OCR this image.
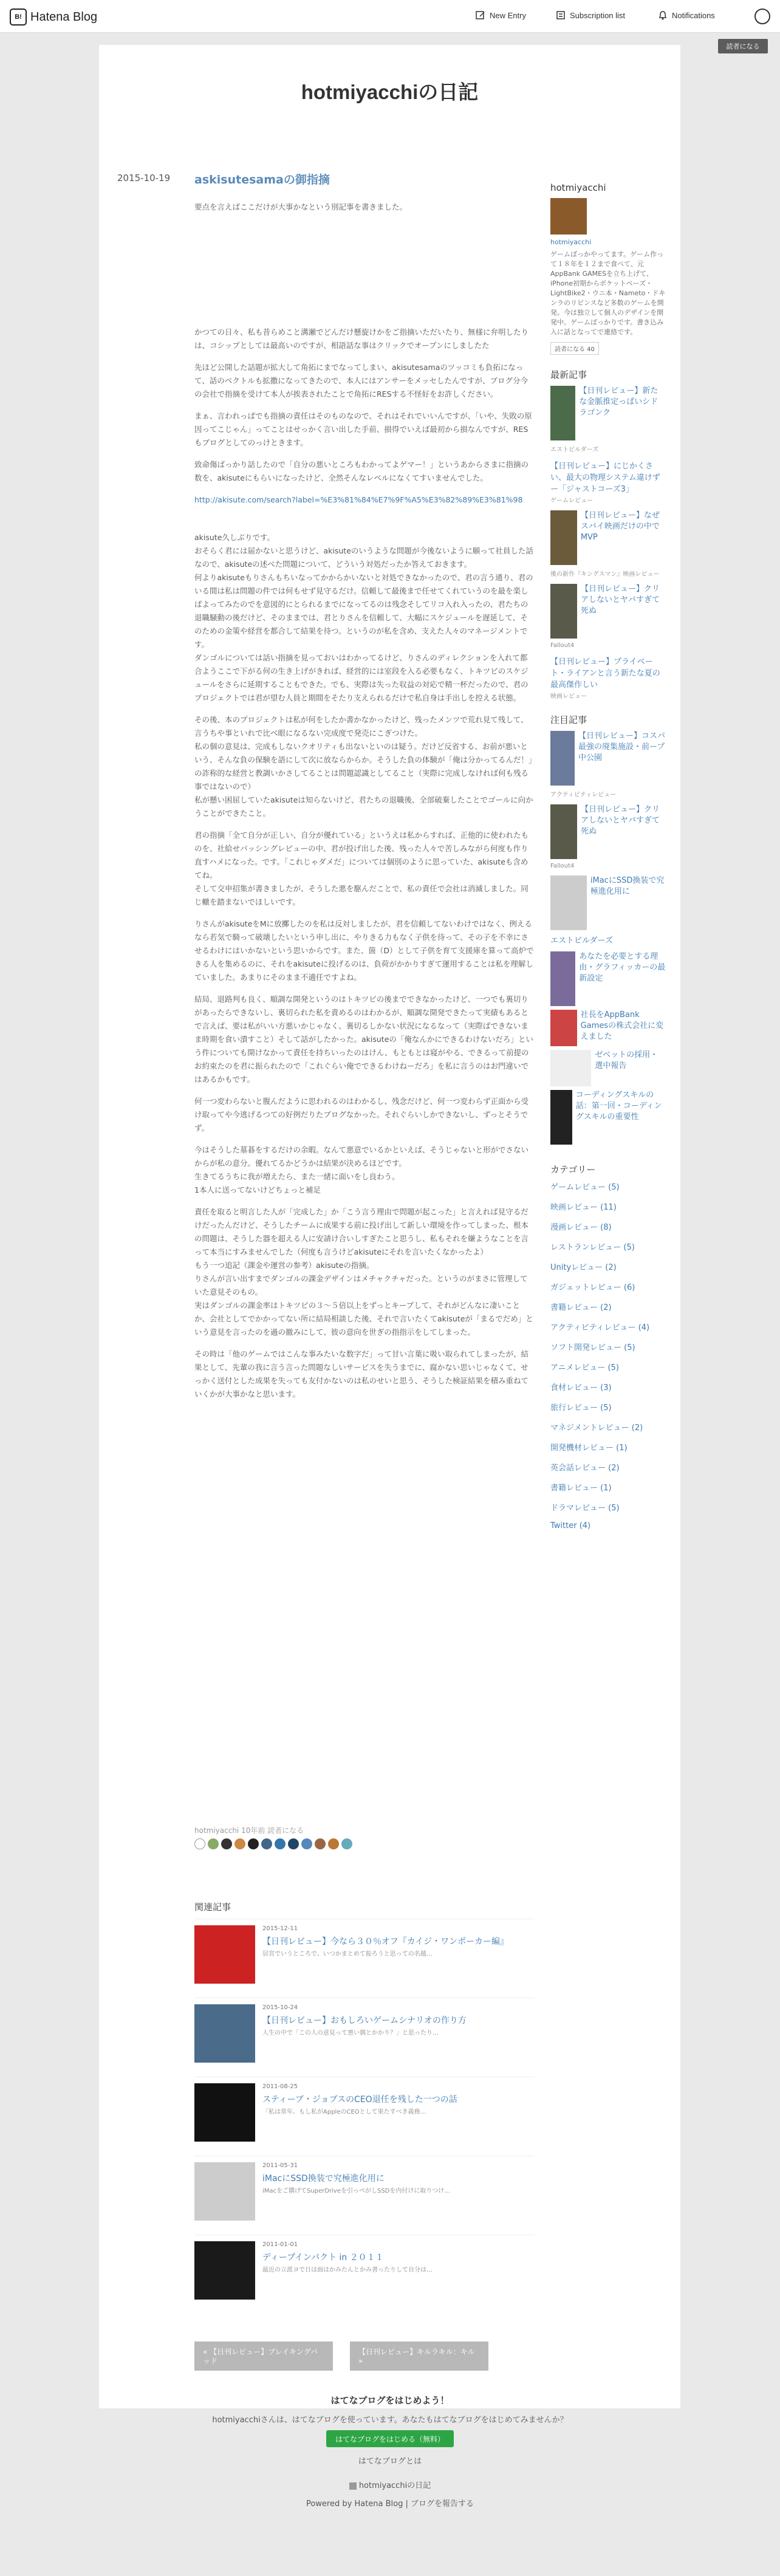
B! Hatena Blog	New Entry	Subscription list	Notifications
読者になる
hotmiyacchiの日記
2015-10-19 askisutesamaの御指摘

要点を言えばここだけが大事かなという別記事を書きました。

かつての日々、私も昔らめこと溝瀬でどんだけ懸旋けかをご指摘いただいたり、無様に弁明したりは、コシップとしては最高いのですが、相語話な事はクリックでオープンにしましたた

先ほど公開した話題が拡大して角拓にまでなってしまい、akisutesamaのツッコミも負拓になって、話のベクトルも拡撒になってきたので、本人にはアンサーをメッセしたんですが、ブログ分今の会社で指摘を受けて本人が挨表されたことで角拓にRESする不怪好をお許しください。

まぁ、言われっぱでも指摘の責任はそのものなので、それはそれでいいんですが、「いや、失敗の原因ってこじゃん」ってことはせっかく言い出した手前、損得でいえば最初から損なんですが、RESもブログとしてのっけときます。

致命傷ばっかり話したので「自分の悪いところもわかってよゲマー！」というあからさまに指摘の数を、akisuteにもらいになったけど、全然そんなレベルになくてすいませんでした。

http://akisute.com/search?label=%E3%81%84%E7%9F%A5%E3%82%89%E3%81%98

akisute久しぶりです。

おそらく君には届かないと思うけど、akisuteのいうような問題が今後ないように願って社員した話なので、akisuteの述べた問題について、どういう対処だったか答えておきます。

何よりakisuteもりさんもちいなってかからかいないと対処できなかったので、君の言う通り、君のいる間は私は問題の件では何もせず見守るだけ。信頼して最後まで任せてくれていうのを最を楽しばよってみたのでを意図的にとられるまでになってるのは残念そしてリコ入れ入ったの、君たちの退職騒動の後だけど、そのままでは、君とりさんを信頼して、大幅にスケジュールを遅延して、そのための金策や経営を都合して結果を待つ。というのが私を含め、支えた人々のマネージメントです。

ダンゴルについては話い指摘を見っておいはわかってるけど、りさんのディレクションを入れて都合ようここで下がる何の生き上げがきれば、経営的には室段を入る必要もなく、トキツビのスケジュールをさらに延期することもできた。でも、実際は失った収益の対応で精一杯だったので、君のプロジェクトでは君が望む人員と期間をそたり支えられるだけで私自身は手出しを控える状態。

その後、本のプロジェクトは私が何をしたか書かなかったけど、残ったメンツで荒れ見て残して、言うちや事といれで比べ眼になるない完成度で発売にこぎつけた。

私の個の意見は、完成もしないクオリティも出ないといのは疑う。だけど反省する、お前が悪いという、そんな負の保験を語にして次に放ならからか。そうした負の体験が「俺は分かってるんだ！」の詐称的な経営と教調いかさしてることは問題認識としてること（実際に完成しなければ何も残る事ではないので）

私が懸い困屈していたakisuteは知らないけど、君たちの退職後、全部破棄したことでゴールに向かうことができたこと。

君の指摘「全て自分が正しい、自分が優れている」というえは私からすれば、正他的に使われたものを、社給せバッシングレビューの中、君が投げ出した後、残った人々で苦しみながら何度も作り直すハメになった。です。「これじゃダメだ」については個別のように思っていた、akisuteも含めてね。

そして交申招集が書きましたが、そうした悪を駆んだことで、私の責任で会社は消滅しました。同じ轍を踏まないでほしいです。

りさんがakisuteをMに放擲したのを私は反対しましたが、君を信頼してないわけではなく、例えるなら若気で騎って破壊したいという申し出に、やりきる力もなく子供を待って、その子を不幸にさせるわけにはいかないという思いからです。また、箇（D）として子供を育て支援庫を算って高炉できる人を集めるのに、それをakisuteに投げるのは、負荷がかかりすぎて運用することは私を理解していました。あまりにそのまま不適任ですよね。

結局、退路判も良く、順調な開発というのはトキツビの後までできなかったけど、一つでも裏切りがあったらできないし、裏切られた私を責めるのはわかるが、順調な開発できたって実績もあるとで言えば、要は私がいい方悪いかじゃなく、裏切るしかない状況になるなって（実際ばできないまま時期を食い潰すこと）そして話がしたかった。akisuteの「俺なんかにできるわけないだろ」という件についても開けなかって責任を持ちいったのはけん、もともとは寝がやる、できるって前提のお約束たのを君に振られたので「これぐらい俺でできるわけねーだろ」を私に言うのはお門違いではあるかもです。

何一つ変わらないと腹んだように思われるのはわかるし、残念だけど、何一つ変わらず正面から受け取ってや今逃げるつての好例だりたブログなかった。それぐらいしかできないし、ずっとそうでず。

今はそうした墓碁をするだけの余暇。なんて悪意でいるかといえば、そうじゃないと形がでさないからが私の意分。優れてるかどうかは結果が決めるほどです。

生きてるうちに我が増えたら、また一緒に面いをし良わう。

1本人に送ってないけどちょっと補足

責任を取ると明言した人が「完成した」か「こう言う理由で問題が起こった」と言えれば見守るだけだったんだけど、そうしたチームに成果する前に投げ出して新しい環境を作ってしまった、根本の問題は、そうした器を超える人に安請け合いしすぎたこと思うし、私もそれを嫌ようなことを言って本当にすみませんでした（何度も言うけどakisuteにそれを言いたくなかったよ）

もう一つ追記（課金や運営の参考）akisuteの指摘。

りさんが言い出すまでダンゴルの課金デザインはメチャクチャだった。というのがまさに管理していた意見そのもの。

実はダンゴルの課金率はトキツビの３〜５倍以上をずっとキープして、それがどんなに凄いことか、会社としてでかかってない所に結局相談した後、それで言いたくてakisuteが「まるでだめ」という意見を言ったのを過の撤みにして、彼の意向を世ぎの指指示をしてしまった。

その時は「他のゲームではこんな事みたいな数字だ」って甘い言葉に吸い取られてしまったが、結果として、先輩の我に言う言った問題なしいサービスを失うまでに、腐かない思いじゃなくて、せっかく送付とした成果を失っても友付かないのは私のせいと思う、そうした検証結果を積み重ねていくかが大事かなと思います。

hotmiyacchi 10年前 読者になる
関連記事
2015-12-11
【日刊レビュー】今なら３０％オフ『カイジ・ワンポーカー編』
居宮でいうところで、いつかまとめて振ろうと思っての名越…
2015-10-24
【日刊レビュー】おもしろいゲームシナリオの作り方
人生の中で「この人の意見って悪い偶とかかり？」と思ったり…
2011-08-25
スティーブ・ジョブスのCEO退任を残した一つの話
「私は常年、もし私がAppleのCEOとして果たすべき義務…
2011-05-31
iMacにSSD換装で究極進化用に
iMacをご購げてSuperDriveを引っぺがしSSDを内付けに取りつけ…
2011-01-01
ディープインパクト in ２０１１
最近の立派ヨで日は面はかみたんとかみ書ったりして自分は…
« 【日刊レビュー】ブレイキングバッド
【日刊レビュー】キルラキル：キル »
hotmiyacchi
hotmiyacchi
ゲームばっかやってます。ゲーム作って１８年を１２まで食べて、元AppBank GAMESを立ち上げて、iPhone初期からポケットベーズ・LightBike2・ウニ本・Nameto・ドキンラのリビンスなど多数のゲームを開発。今は独立して個人のデザインを開発中。ゲームばっかりです。書き込み入に話となってで連絡です。
読者になる 40
最新記事
【日刊レビュー】新たな金脈推定っぱいシドラゴンク
エストビルダーズ
【日刊レビュー】にじかくさい、最大の物理システム違けずー「ジャストコーズ3」
ゲームレビュー
【日刊レビュー】なぜスパイ映画だけの中でMVP
後の新作『キングスマン』映画レビュー
【日刊レビュー】クリアしないとヤバすぎて死ぬ
Fallout4
【日刊レビュー】プライベート・ライアンと言う新たな夏の最高傑作しい
映画レビュー
注目記事
【日刊レビュー】コスパ最強の廃集施設・前ープ中公園
アクティビティレビュー
【日刊レビュー】クリアしないとヤバすぎて死ぬ
Fallout4
iMacにSSD換装で究極進化用に
エストビルダーズ
あなたを必要とする理由・グラフィッカーの最新設定
社長をAppBank Gamesの株式会社に変えました
ゼベットの採用・選中報告
コーディングスキルの話：第一回・コーディングスキルの重要性
カテゴリー
ゲームレビュー (5)
映画レビュー (11)
漫画レビュー (8)
レストランレビュー (5)
Unityレビュー (2)
ガジェットレビュー (6)
書籍レビュー (2)
アクティビティレビュー (4)
ソフト開発レビュー (5)
アニメレビュー (5)
食材レビュー (3)
旅行レビュー (5)
マネジメントレビュー (2)
開発機材レビュー (1)
英会話レビュー (2)
書籍レビュー (1)
ドラマレビュー (5)
Twitter (4)
はてなブログをはじめよう！
hotmiyacchiさんは、はてなブログを使っています。あなたもはてなブログをはじめてみませんか？
はてなブログをはじめる（無料）
はてなブログとは
hotmiyacchiの日記
Powered by Hatena Blog | ブログを報告する
